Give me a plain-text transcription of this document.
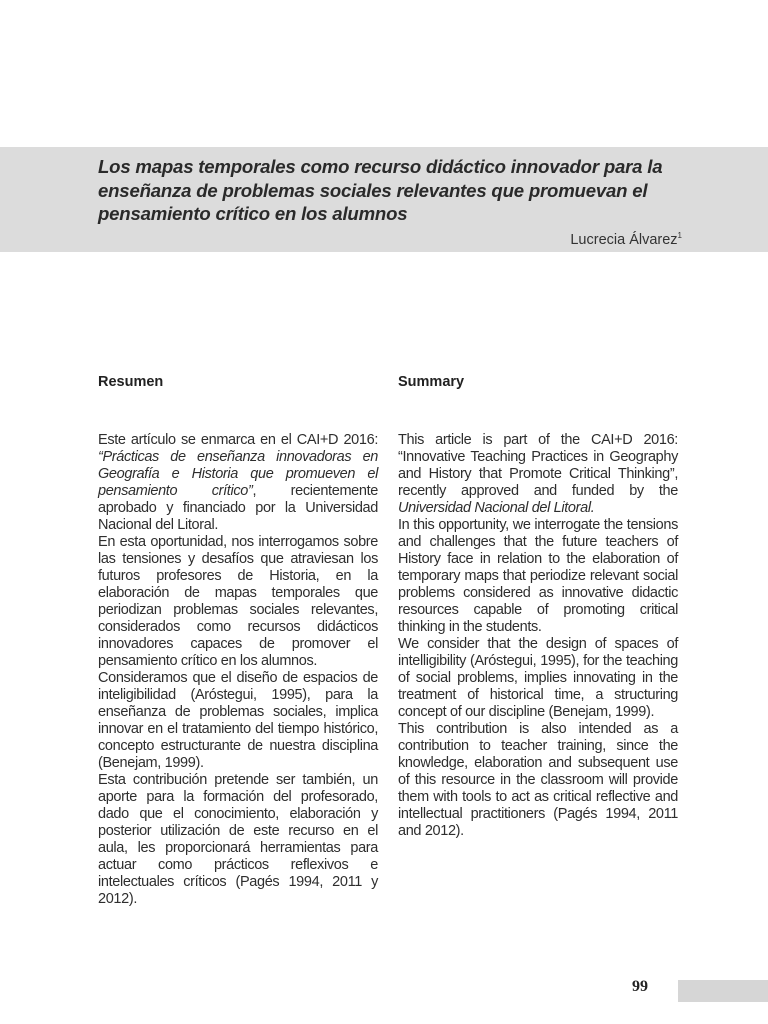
Los mapas temporales como recurso didáctico innovador para la enseñanza de problemas sociales relevantes que promuevan el pensamiento crítico en los alumnos
Lucrecia Álvarez$^1$
Resumen

Este artículo se enmarca en el CAI+D 2016: “Prácticas de enseñanza innovadoras en Geografía e Historia que promueven el pensamiento crítico”, recientemente aprobado y financiado por la Universidad Nacional del Litoral.

En esta oportunidad, nos interrogamos sobre las tensiones y desafíos que atraviesan los futuros profesores de Historia, en la elaboración de mapas temporales que periodizan problemas sociales relevantes, considerados como recursos didácticos innovadores capaces de promover el pensamiento crítico en los alumnos.

Consideramos que el diseño de espacios de inteligibilidad (Aróstegui, 1995), para la enseñanza de problemas sociales, implica innovar en el tratamiento del tiempo histórico, concepto estructurante de nuestra disciplina (Benejam, 1999).

Esta contribución pretende ser también, un aporte para la formación del profesorado, dado que el conocimiento, elaboración y posterior utilización de este recurso en el aula, les proporcionará herramientas para actuar como prácticos reflexivos e intelectuales críticos (Pagés 1994, 2011 y 2012).

Summary

This article is part of the CAI+D 2016: “Innovative Teaching Practices in Geography and History that Promote Critical Thinking”, recently approved and funded by the Universidad Nacional del Litoral.

In this opportunity, we interrogate the tensions and challenges that the future teachers of History face in relation to the elaboration of temporary maps that periodize relevant social problems considered as innovative didactic resources capable of promoting critical thinking in the students.

We consider that the design of spaces of intelligibility (Aróstegui, 1995), for the teaching of social problems, implies innovating in the treatment of historical time, a structuring concept of our discipline (Benejam, 1999).

This contribution is also intended as a contribution to teacher training, since the knowledge, elaboration and subsequent use of this resource in the classroom will provide them with tools to act as critical reflective and intellectual practitioners (Pagés 1994, 2011 and 2012).

99
